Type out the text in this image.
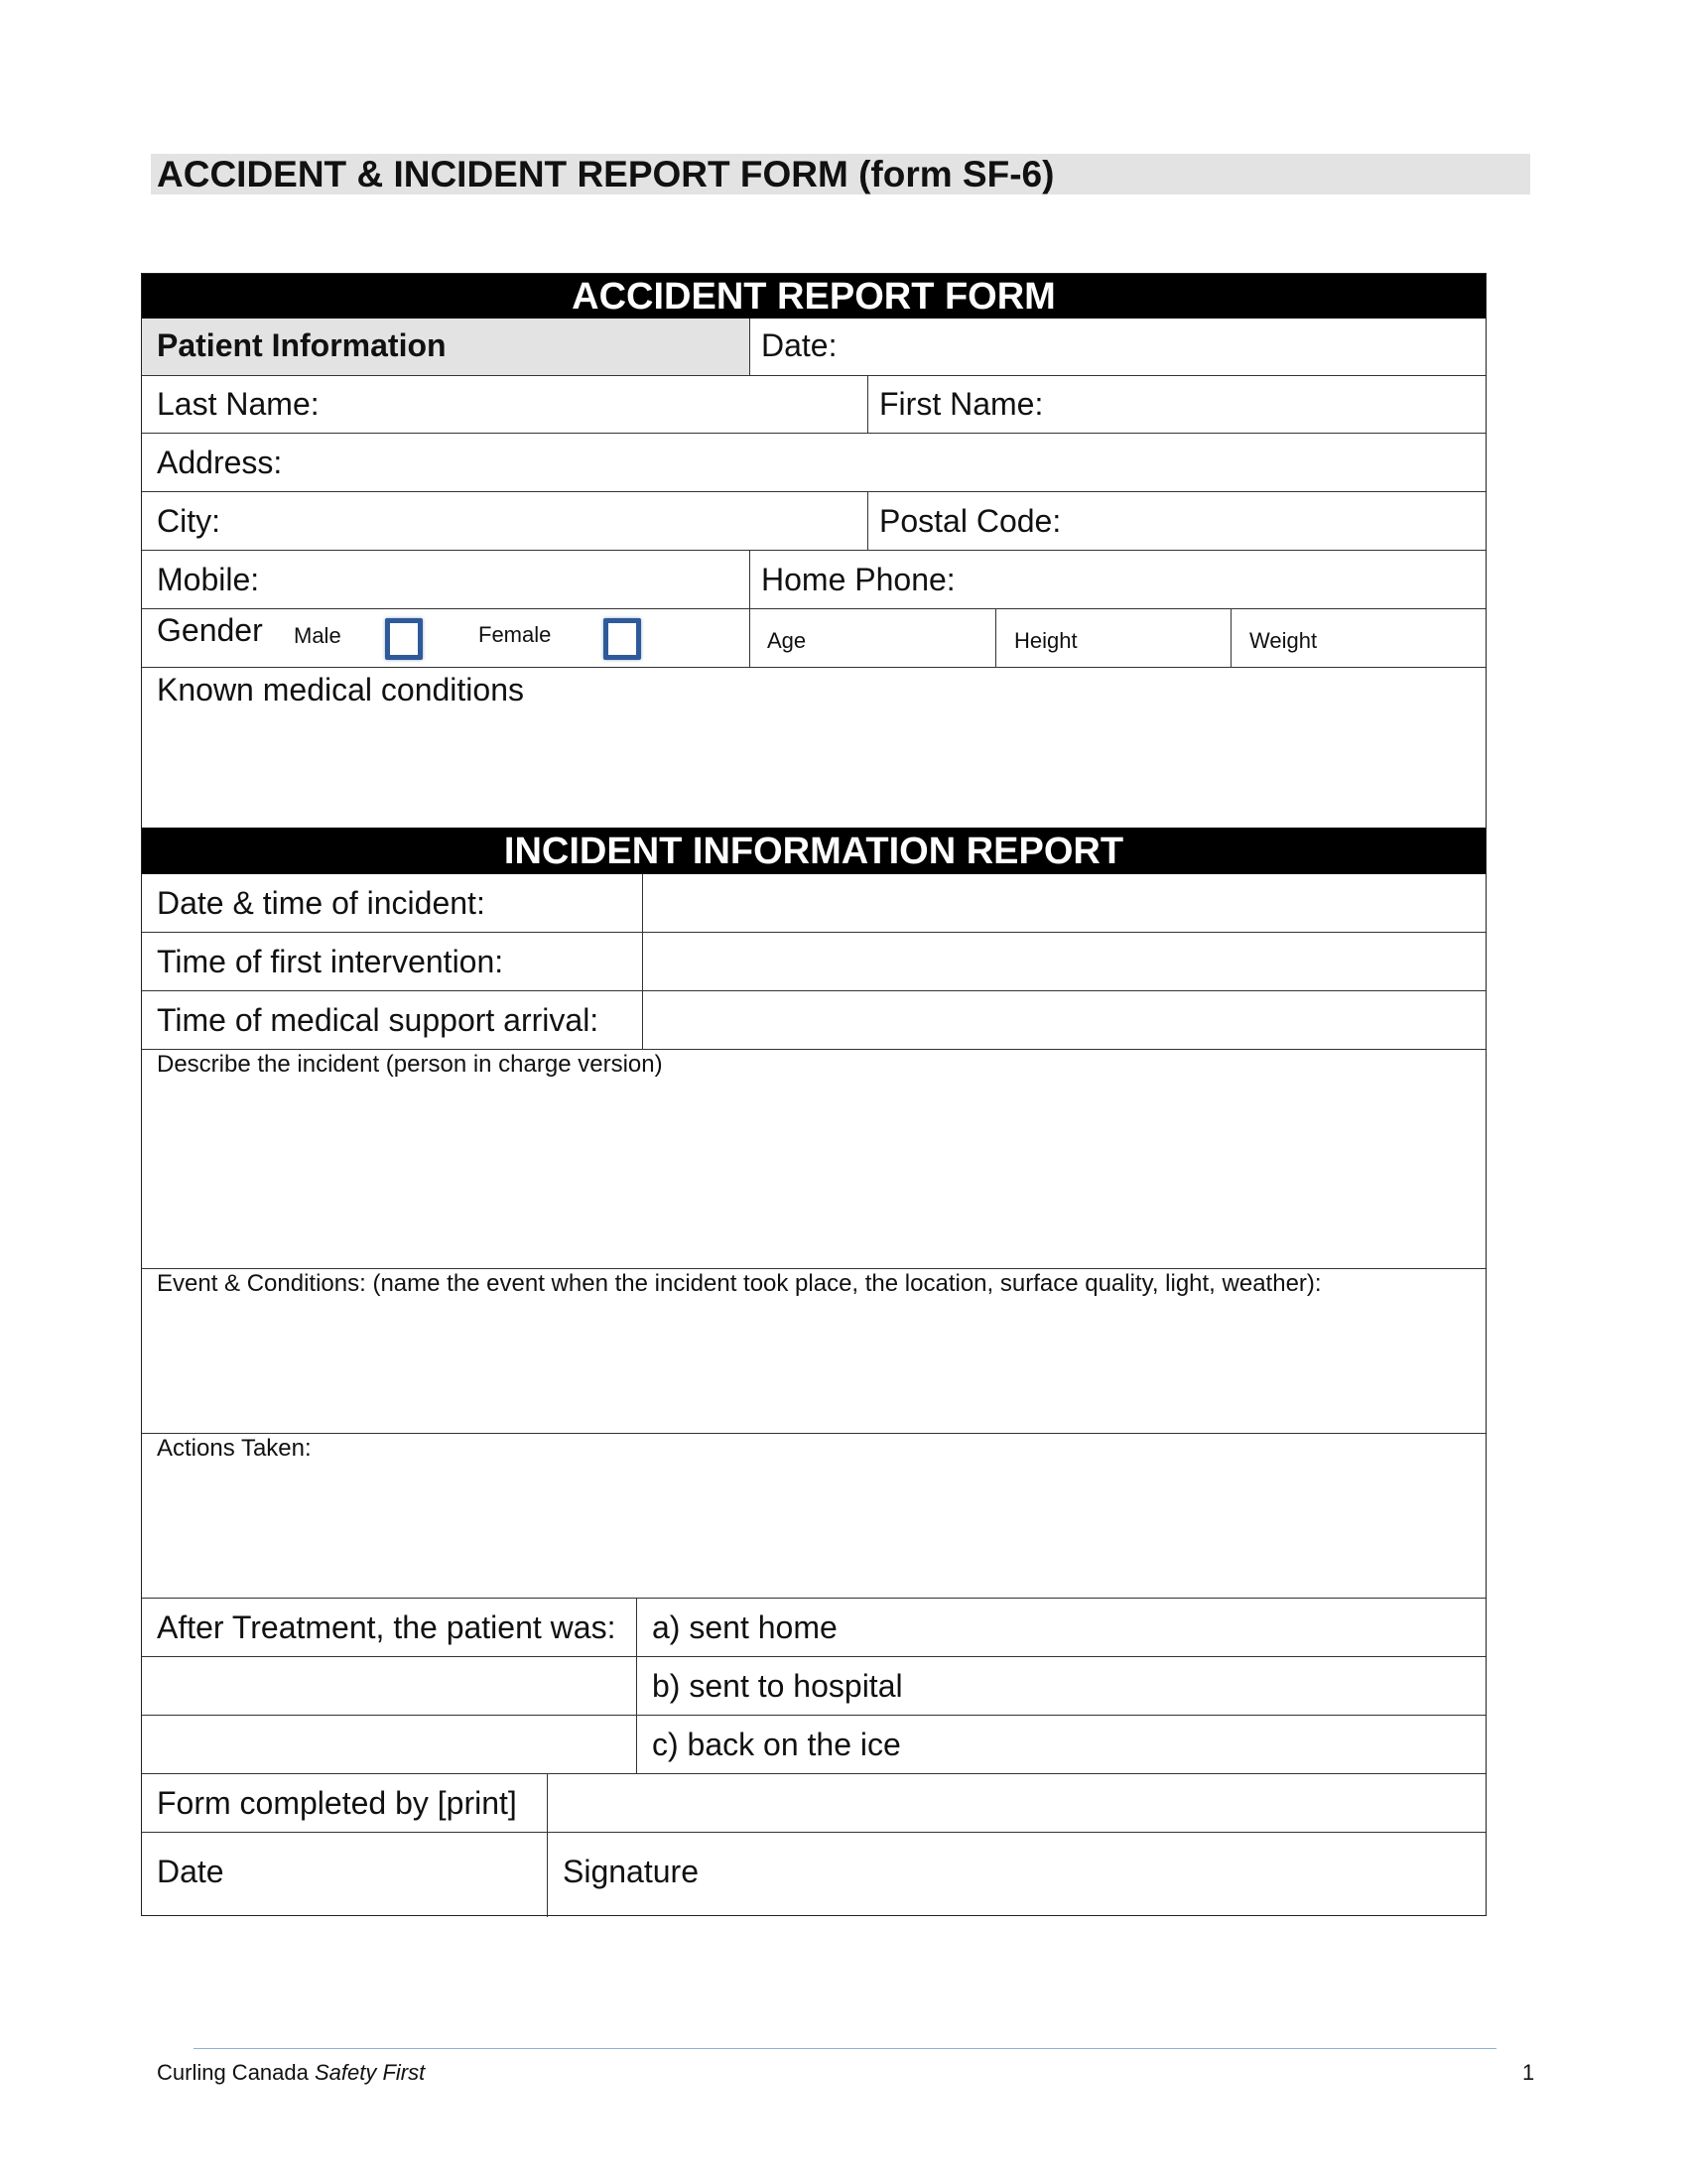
ACCIDENT & INCIDENT REPORT FORM (form SF-6)
ACCIDENT REPORT FORM
Patient Information	Date:
Last Name:	First Name:
Address:
City:	Postal Code:
Mobile:	Home Phone:
Gender Male	Female	Age	Height	Weight
Known medical conditions
INCIDENT INFORMATION REPORT
Date & time of incident:
Time of first intervention:
Time of medical support arrival:
Describe the incident (person in charge version)
Event & Conditions: (name the event when the incident took place, the location, surface quality, light, weather):
Actions Taken:
After Treatment, the patient was: a) sent home
b) sent to hospital
c) back on the ice
Form completed by [print]
Date	Signature
Curling Canada Safety First	1
